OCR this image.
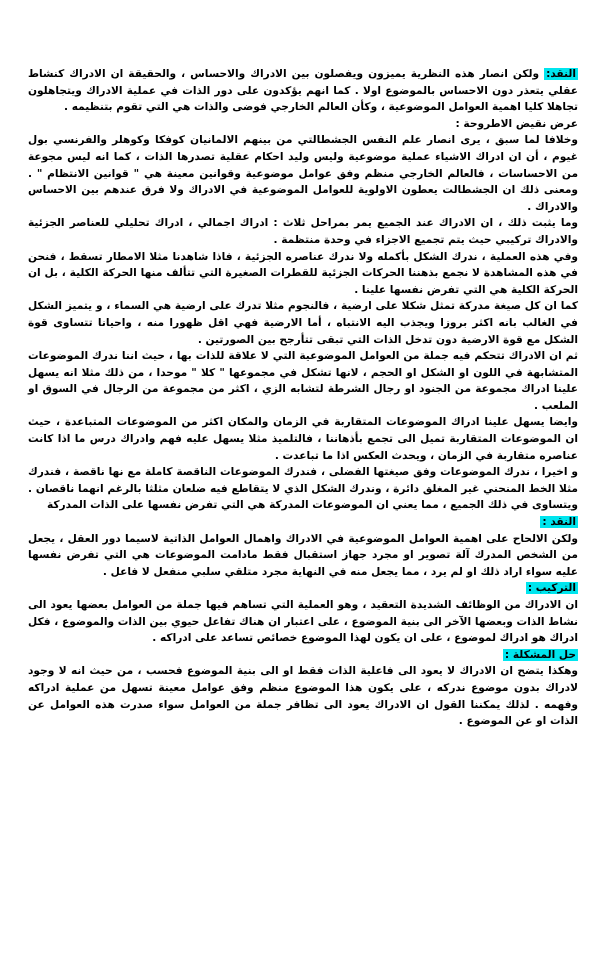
النقد: ولكن انصار هذه النظرية يميزون ويفصلون بين الادراك والاحساس ، والحقيقة ان الادراك كنشاط عقلي يتعذر دون الاحساس بالموضوع اولا . كما انهم يؤكدون على دور الذات في عملية الادراك ويتجاهلون تجاهلا كليا اهمية العوامل الموضوعية ، وكأن العالم الخارجي فوضى والذات هي التي تقوم بتنظيمه .

عرض نقيض الاطروحة :

وخلافا لما سبق ، يرى انصار علم النفس الجشطالتي من بينهم الالمانيان كوفكا وكوهلر والفرنسي بول غيوم ، أن ان ادراك الاشياء عملية موضوعية وليس وليد احكام عقلية تصدرها الذات ، كما انه ليس مجوعة من الاحساسات ، فالعالم الخارجي منظم وفق عوامل موضوعية وقوانين معينة هي " قوانين الانتظام " . ومعنى ذلك ان الجشطالت يعطون الاولوية للعوامل الموضوعية في الادراك ولا فرق عندهم بين الاحساس والادراك .

وما يثبت ذلك ، ان الادراك عند الجميع يمر بمراحل ثلاث : ادراك اجمالي ، ادراك تحليلي للعناصر الجزئية والادراك تركيبي حيث يتم تجميع الاجزاء في وحدة منتظمة .

وفي هذه العملية ، ندرك الشكل بأكمله ولا ندرك عناصره الجزئية ، فاذا شاهدنا مثلا الامطار تسقط ، فنحن في هذه المشاهدة لا نجمع بذهننا الحركات الجزئية للقطرات الصغيرة التي تتألف منها الحركة الكلية ، بل ان الحركة الكلية هي التي تفرض نفسها علينا .

كما ان كل صيغة مدركة تمثل شكلا على ارضية ، فالنجوم مثلا تدرك على ارضية هي السماء ، و يتميز الشكل في الغالب بانه اكثر بروزا ويجذب اليه الانتباه ، أما الارضية فهي اقل ظهورا منه ، واحيانا تتساوى قوة الشكل مع قوة الارضية دون تدخل الذات التي تبقى تتأرجح بين الصورتين .

ثم ان الادراك تتحكم فيه جملة من العوامل الموضوعية التي لا علاقة للذات بها ، حيث اننا ندرك الموضوعات المتشابهة في اللون او الشكل او الحجم ، لانها تشكل في مجموعها " كلا " موحدا ، من ذلك مثلا انه يسهل علينا ادراك مجموعة من الجنود او رجال الشرطة لتشابه الزي ، اكثر من مجموعة من الرجال في السوق او الملعب .

وايضا يسهل علينا ادراك الموضوعات المتقاربة في الزمان والمكان اكثر من الموضوعات المتباعدة ، حيث ان الموضوعات المتقاربة تميل الى تجمع بأذهاننا ، فالتلميذ مثلا يسهل عليه فهم وادراك درس ما اذا كانت عناصره متقاربة في الزمان ، ويحدث العكس اذا ما تباعدت .

و اخيرا ، ندرك الموضوعات وفق صيغتها الفضلى ، فندرك الموضوعات الناقصة كاملة مع نها ناقصة ، فندرك مثلا الخط المنحني غير المغلق دائرة ، وندرك الشكل الذي لا يتقاطع فيه ضلعان مثلثا بالرغم انهما ناقصان . ويتساوى في ذلك الجميع ، مما يعني ان الموضوعات المدركة هي التي تفرض نفسها على الذات المدركة

النقد :

ولكن الالحاح على اهمية العوامل الموضوعية في الادراك واهمال العوامل الذاتية لاسيما دور العقل ، يجعل من الشخص المدرك آلة تصوير او مجرد جهاز استقبال فقط مادامت الموضوعات هي التي تفرض نفسها عليه سواء اراد ذلك او لم يرد ، مما يجعل منه في النهاية مجرد متلقي سلبي منفعل لا فاعل .

التركيب :

ان الادراك من الوظائف الشديدة التعقيد ، وهو العملية التي تساهم فيها جملة من العوامل بعضها يعود الى نشاط الذات وبعضها الآخر الى بنية الموضوع ، على اعتبار ان هناك تفاعل حيوي بين الذات والموضوع ، فكل ادراك هو ادراك لموضوع ، على ان يكون لهذا الموضوع خصائص تساعد على ادراكه .

حل المشكلة :

وهكذا يتضح ان الادراك لا يعود الى فاعلية الذات فقط او الى بنية الموضوع فحسب ، من حيث انه لا وجود لادراك بدون موضوع ندركه ، على يكون هذا الموضوع منظم وفق عوامل معينة تسهل من عملية ادراكه وفهمه . لذلك يمكننا القول ان الادراك يعود الى تظافر جملة من العوامل سواء صدرت هذه العوامل عن الذات او عن الموضوع .
